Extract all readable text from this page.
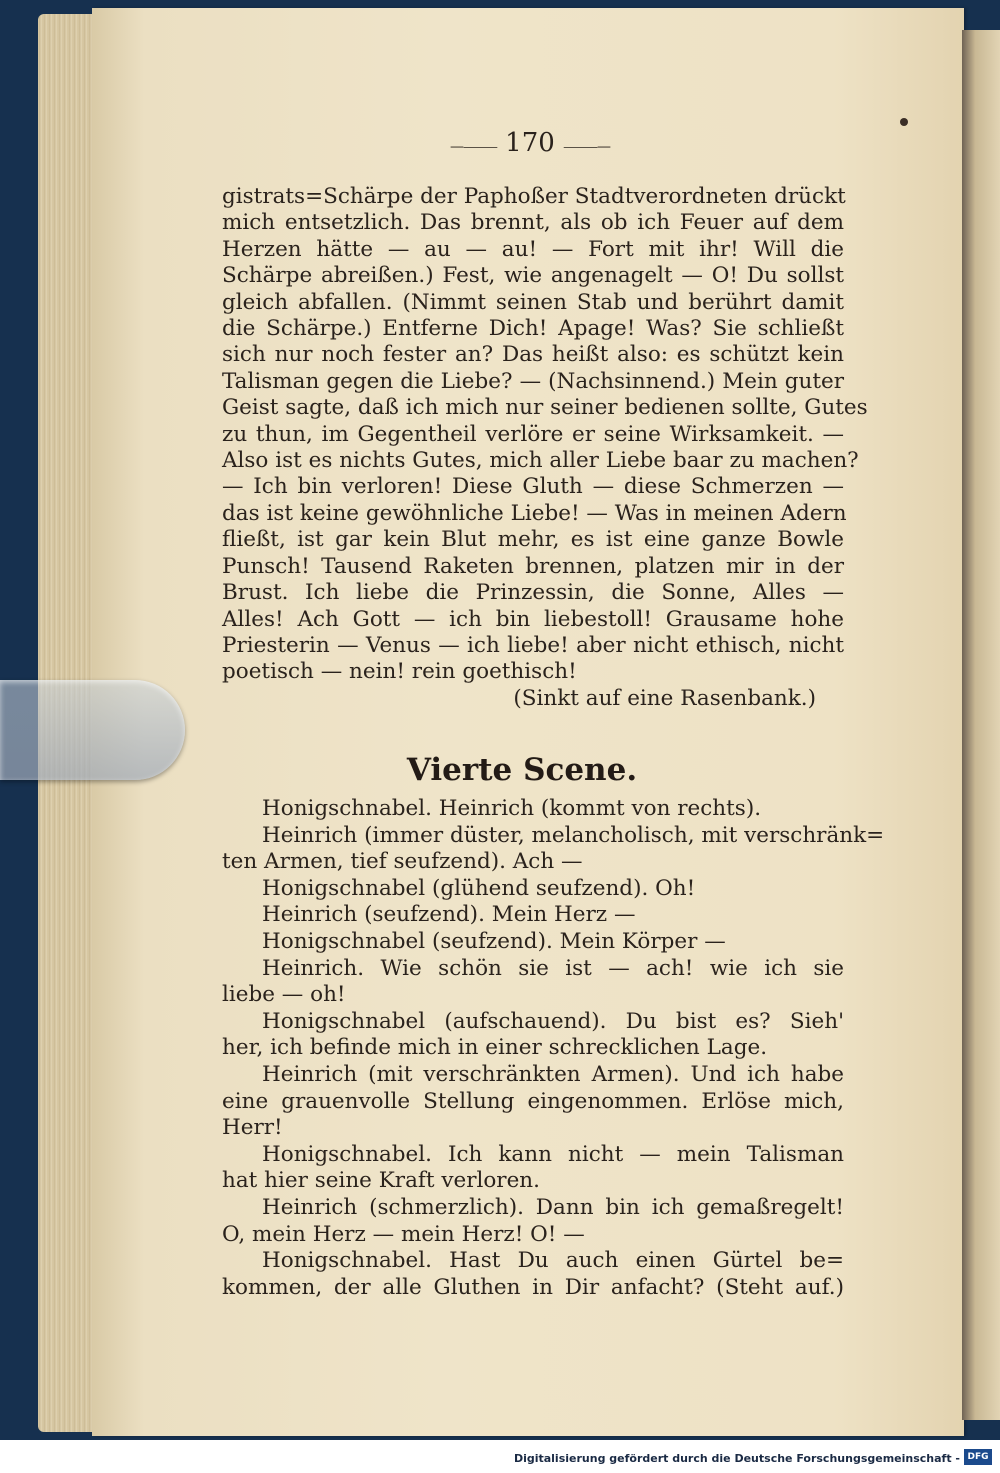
—⸻ 170 ⸻—
gistrats=Schärpe der Paphoßer Stadtverordneten drückt
mich entsetzlich. Das brennt, als ob ich Feuer auf dem
Herzen hätte — au — au! — Fort mit ihr! Will die
Schärpe abreißen.) Fest, wie angenagelt — O! Du sollst
gleich abfallen. (Nimmt seinen Stab und berührt damit
die Schärpe.) Entferne Dich! Apage! Was? Sie schließt
sich nur noch fester an? Das heißt also: es schützt kein
Talisman gegen die Liebe? — (Nachsinnend.) Mein guter
Geist sagte, daß ich mich nur seiner bedienen sollte, Gutes
zu thun, im Gegentheil verlöre er seine Wirksamkeit. —
Also ist es nichts Gutes, mich aller Liebe baar zu machen?
— Ich bin verloren! Diese Gluth — diese Schmerzen —
das ist keine gewöhnliche Liebe! — Was in meinen Adern
fließt, ist gar kein Blut mehr, es ist eine ganze Bowle
Punsch! Tausend Raketen brennen, platzen mir in der
Brust. Ich liebe die Prinzessin, die Sonne, Alles —
Alles! Ach Gott — ich bin liebestoll! Grausame hohe
Priesterin — Venus — ich liebe! aber nicht ethisch, nicht
poetisch — nein! rein goethisch!
(Sinkt auf eine Rasenbank.)
Vierte Scene.
Honigschnabel. Heinrich (kommt von rechts).
Heinrich (immer düster, melancholisch, mit verschränk=
ten Armen, tief seufzend). Ach —
Honigschnabel (glühend seufzend). Oh!
Heinrich (seufzend). Mein Herz —
Honigschnabel (seufzend). Mein Körper —
Heinrich. Wie schön sie ist — ach! wie ich sie
liebe — oh!
Honigschnabel (aufschauend). Du bist es? Sieh'
her, ich befinde mich in einer schrecklichen Lage.
Heinrich (mit verschränkten Armen). Und ich habe
eine grauenvolle Stellung eingenommen. Erlöse mich,
Herr!
Honigschnabel. Ich kann nicht — mein Talisman
hat hier seine Kraft verloren.
Heinrich (schmerzlich). Dann bin ich gemaßregelt!
O, mein Herz — mein Herz! O! —
Honigschnabel. Hast Du auch einen Gürtel be=
kommen, der alle Gluthen in Dir anfacht? (Steht auf.)
Digitalisierung gefördert durch die Deutsche Forschungsgemeinschaft - DFG
